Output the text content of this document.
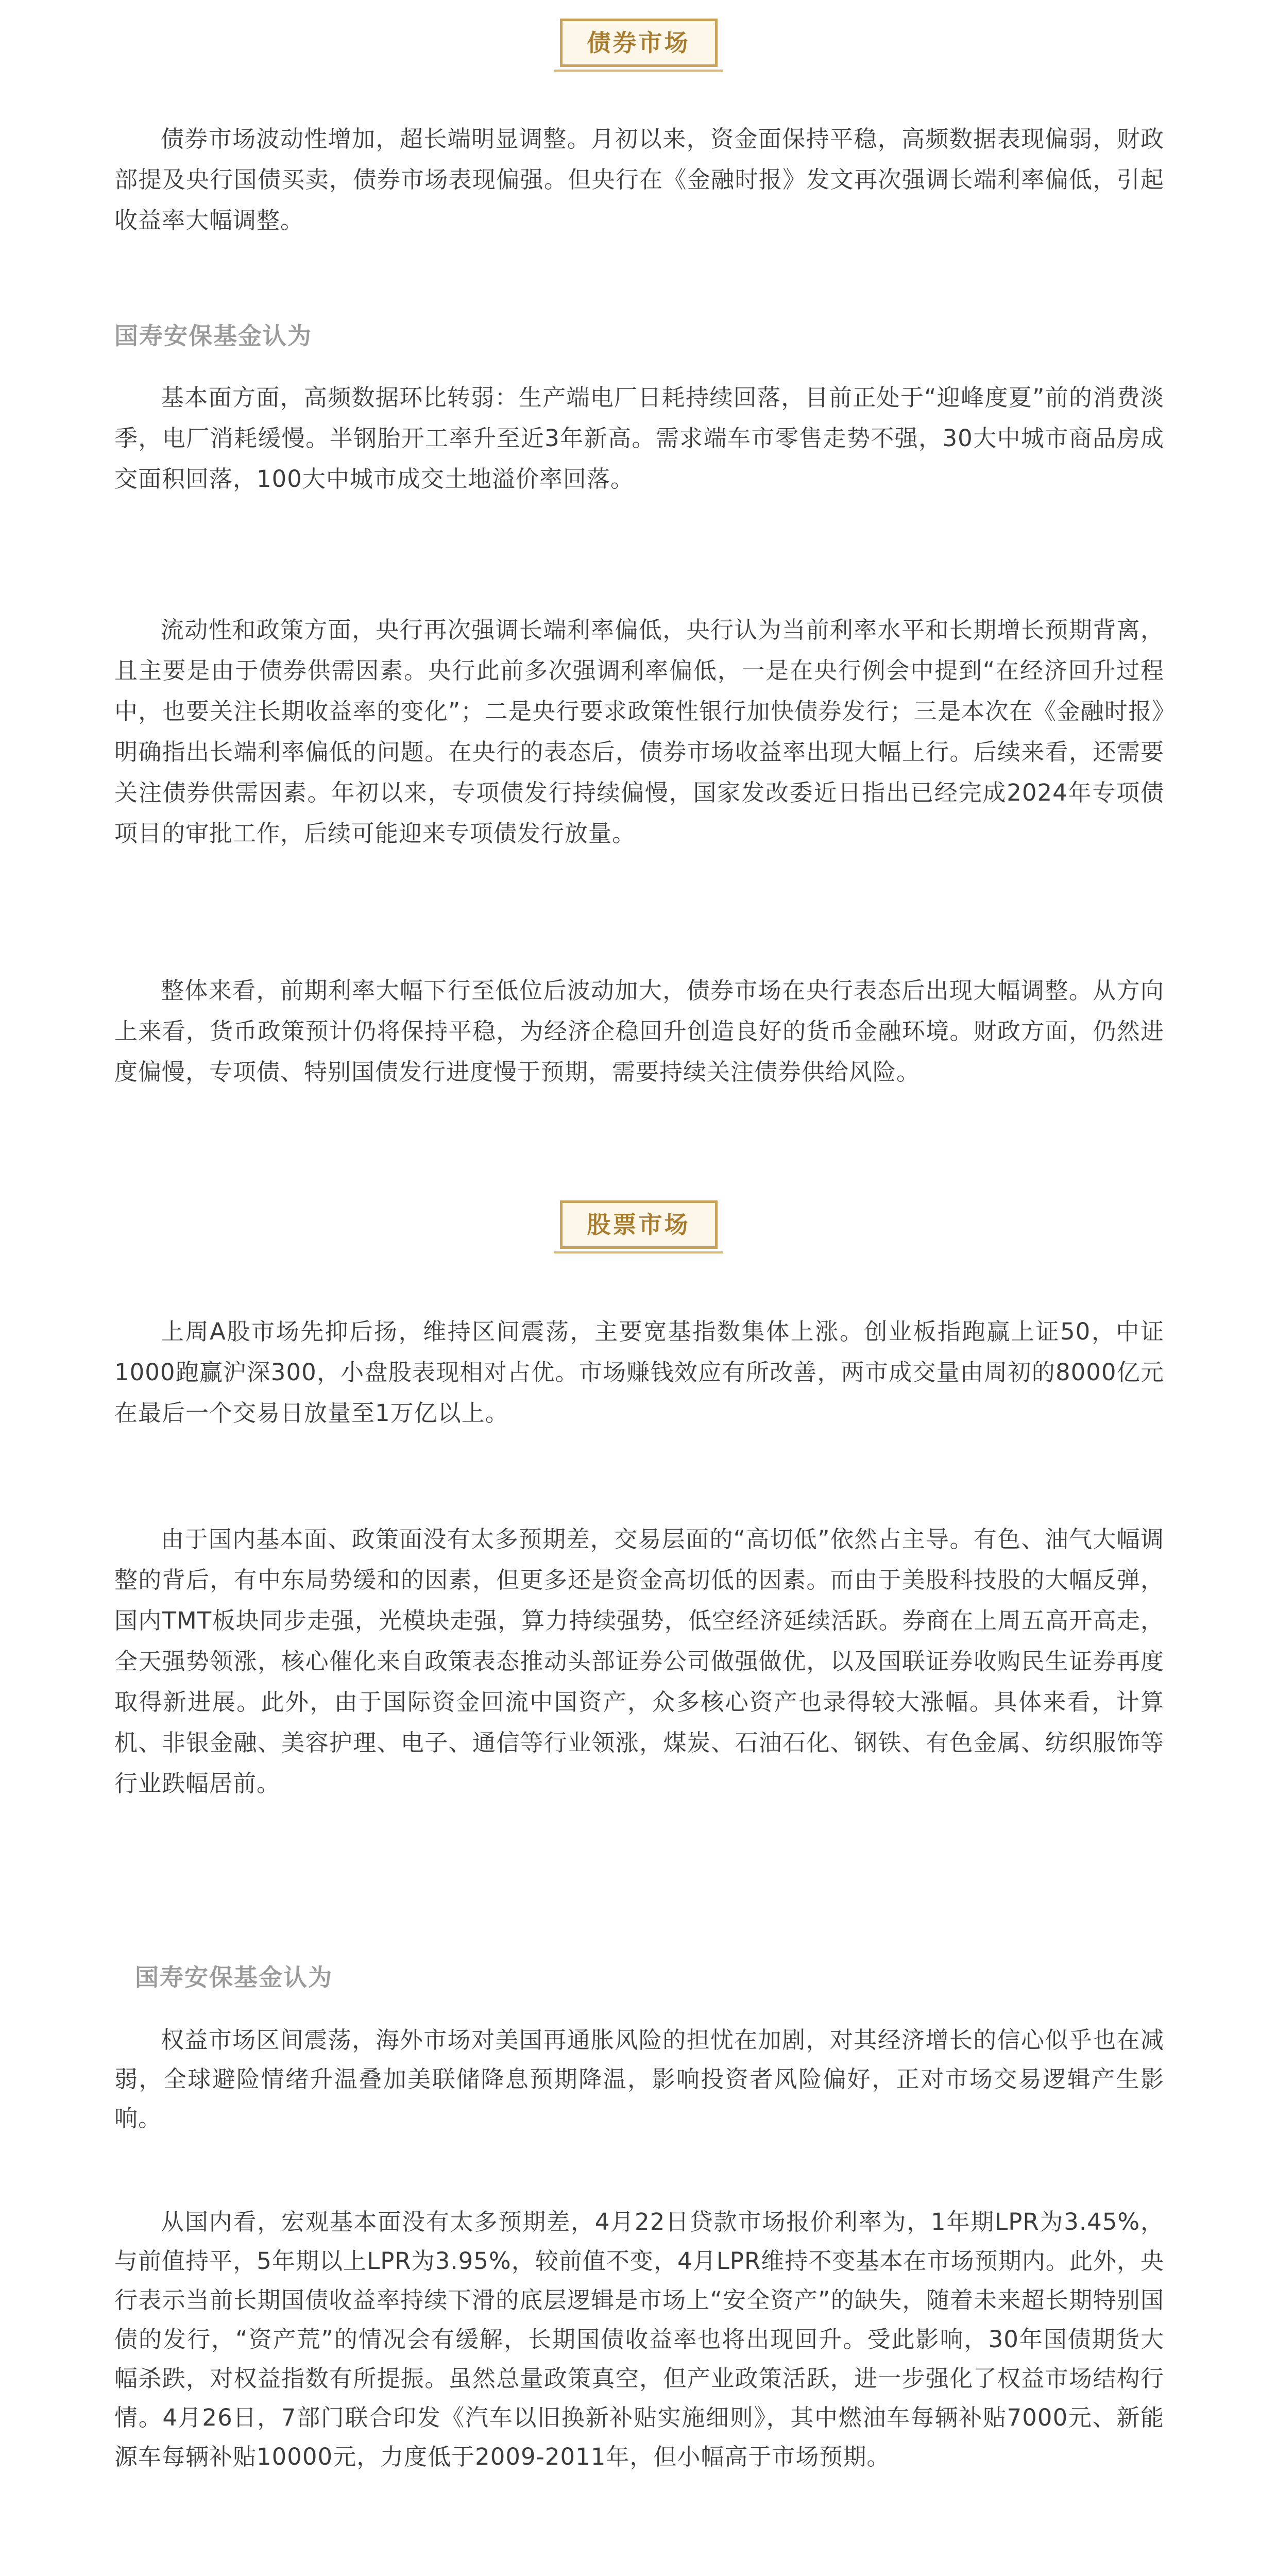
债券市场

债券市场波动性增加，超长端明显调整。月初以来，资金面保持平稳，高频数据表现偏弱，财政部提及央行国债买卖，债券市场表现偏强。但央行在《金融时报》发文再次强调长端利率偏低，引起收益率大幅调整。

国寿安保基金认为

基本面方面，高频数据环比转弱：生产端电厂日耗持续回落，目前正处于“迎峰度夏”前的消费淡季，电厂消耗缓慢。半钢胎开工率升至近3年新高。需求端车市零售走势不强，30大中城市商品房成交面积回落，100大中城市成交土地溢价率回落。

流动性和政策方面，央行再次强调长端利率偏低，央行认为当前利率水平和长期增长预期背离，且主要是由于债券供需因素。央行此前多次强调利率偏低，一是在央行例会中提到“在经济回升过程中，也要关注长期收益率的变化”；二是央行要求政策性银行加快债券发行；三是本次在《金融时报》明确指出长端利率偏低的问题。在央行的表态后，债券市场收益率出现大幅上行。后续来看，还需要关注债券供需因素。年初以来，专项债发行持续偏慢，国家发改委近日指出已经完成2024年专项债项目的审批工作，后续可能迎来专项债发行放量。

整体来看，前期利率大幅下行至低位后波动加大，债券市场在央行表态后出现大幅调整。从方向上来看，货币政策预计仍将保持平稳，为经济企稳回升创造良好的货币金融环境。财政方面，仍然进度偏慢，专项债、特别国债发行进度慢于预期，需要持续关注债券供给风险。

股票市场

上周A股市场先抑后扬，维持区间震荡，主要宽基指数集体上涨。创业板指跑赢上证50，中证1000跑赢沪深300，小盘股表现相对占优。市场赚钱效应有所改善，两市成交量由周初的8000亿元在最后一个交易日放量至1万亿以上。

由于国内基本面、政策面没有太多预期差，交易层面的“高切低”依然占主导。有色、油气大幅调整的背后，有中东局势缓和的因素，但更多还是资金高切低的因素。而由于美股科技股的大幅反弹，国内TMT板块同步走强，光模块走强，算力持续强势，低空经济延续活跃。券商在上周五高开高走，全天强势领涨，核心催化来自政策表态推动头部证券公司做强做优，以及国联证券收购民生证券再度取得新进展。此外，由于国际资金回流中国资产，众多核心资产也录得较大涨幅。具体来看，计算机、非银金融、美容护理、电子、通信等行业领涨，煤炭、石油石化、钢铁、有色金属、纺织服饰等行业跌幅居前。

国寿安保基金认为

权益市场区间震荡，海外市场对美国再通胀风险的担忧在加剧，对其经济增长的信心似乎也在减弱，全球避险情绪升温叠加美联储降息预期降温，影响投资者风险偏好，正对市场交易逻辑产生影响。

从国内看，宏观基本面没有太多预期差，4月22日贷款市场报价利率为，1年期LPR为3.45%，与前值持平，5年期以上LPR为3.95%，较前值不变，4月LPR维持不变基本在市场预期内。此外，央行表示当前长期国债收益率持续下滑的底层逻辑是市场上“安全资产”的缺失，随着未来超长期特别国债的发行，“资产荒”的情况会有缓解，长期国债收益率也将出现回升。受此影响，30年国债期货大幅杀跌，对权益指数有所提振。虽然总量政策真空，但产业政策活跃，进一步强化了权益市场结构行情。4月26日，7部门联合印发《汽车以旧换新补贴实施细则》，其中燃油车每辆补贴7000元、新能源车每辆补贴10000元，力度低于2009-2011年，但小幅高于市场预期。
